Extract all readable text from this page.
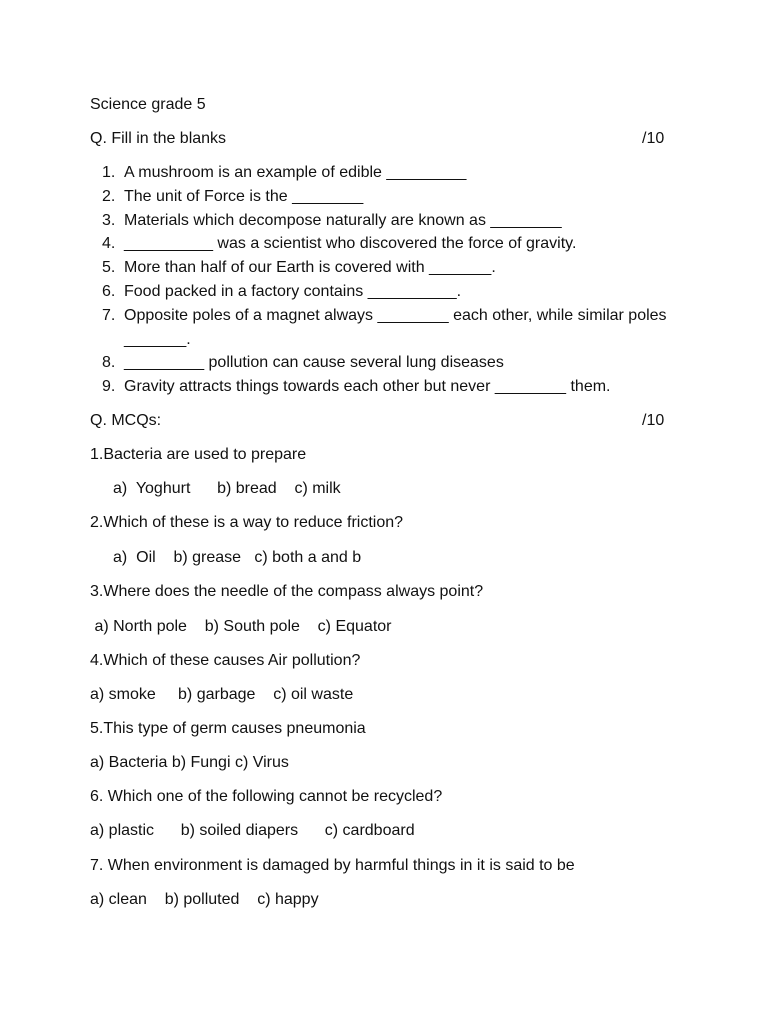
Science grade 5
Q. Fill in the blanks	/10
1. A mushroom is an example of edible _________
2. The unit of Force is the ________
3. Materials which decompose naturally are known as ________
4. __________ was a scientist who discovered the force of gravity.
5. More than half of our Earth is covered with _______.
6. Food packed in a factory contains __________.
7. Opposite poles of a magnet always ________ each other, while similar poles
_______.
8. _________ pollution can cause several lung diseases
9. Gravity attracts things towards each other but never ________ them.
Q. MCQs:	/10
1.Bacteria are used to prepare
a)  Yoghurt      b) bread    c) milk
2.Which of these is a way to reduce friction?
a)  Oil    b) grease   c) both a and b
3.Where does the needle of the compass always point?
a) North pole    b) South pole    c) Equator
4.Which of these causes Air pollution?
a) smoke     b) garbage    c) oil waste
5.This type of germ causes pneumonia
a) Bacteria b) Fungi c) Virus
6. Which one of the following cannot be recycled?
a) plastic      b) soiled diapers      c) cardboard
7. When environment is damaged by harmful things in it is said to be
a) clean    b) polluted    c) happy
